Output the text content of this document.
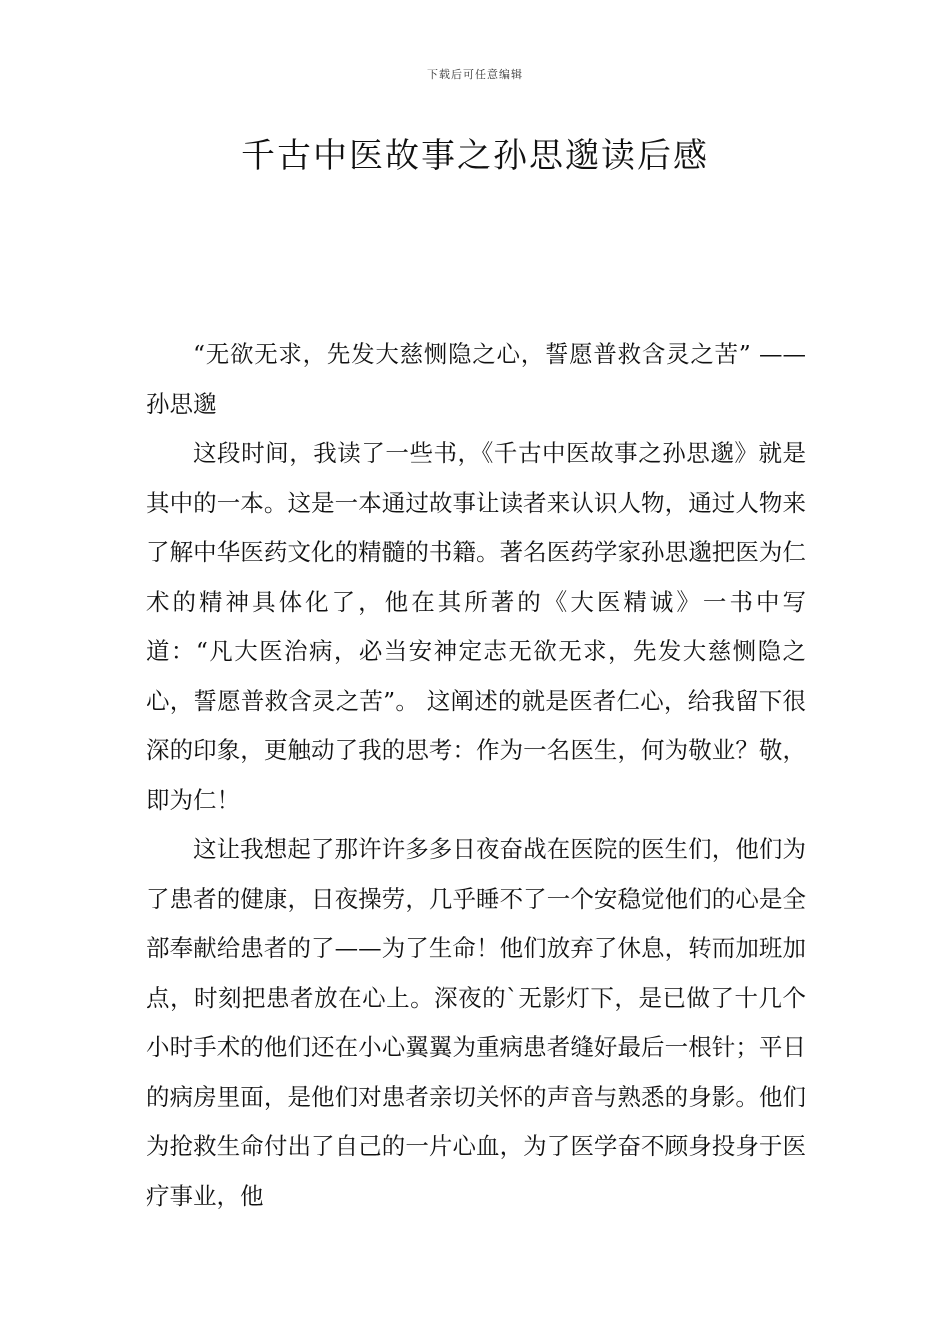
下载后可任意编辑
千古中医故事之孙思邈读后感

“无欲无求，先发大慈恻隐之心，誓愿普救含灵之苦” ——孙思邈

这段时间，我读了一些书，《千古中医故事之孙思邈》就是其中的一本。这是一本通过故事让读者来认识人物，通过人物来了解中华医药文化的精髓的书籍。著名医药学家孙思邈把医为仁术的精神具体化了，他在其所著的《大医精诚》一书中写道：“凡大医治病，必当安神定志无欲无求，先发大慈恻隐之心，誓愿普救含灵之苦”。 这阐述的就是医者仁心，给我留下很深的印象，更触动了我的思考：作为一名医生，何为敬业？敬，即为仁！

这让我想起了那许许多多日夜奋战在医院的医生们，他们为了患者的健康，日夜操劳，几乎睡不了一个安稳觉他们的心是全部奉献给患者的了——为了生命！他们放弃了休息，转而加班加点，时刻把患者放在心上。深夜的`无影灯下，是已做了十几个小时手术的他们还在小心翼翼为重病患者缝好最后一根针；平日的病房里面，是他们对患者亲切关怀的声音与熟悉的身影。他们为抢救生命付出了自己的一片心血，为了医学奋不顾身投身于医疗事业，他
